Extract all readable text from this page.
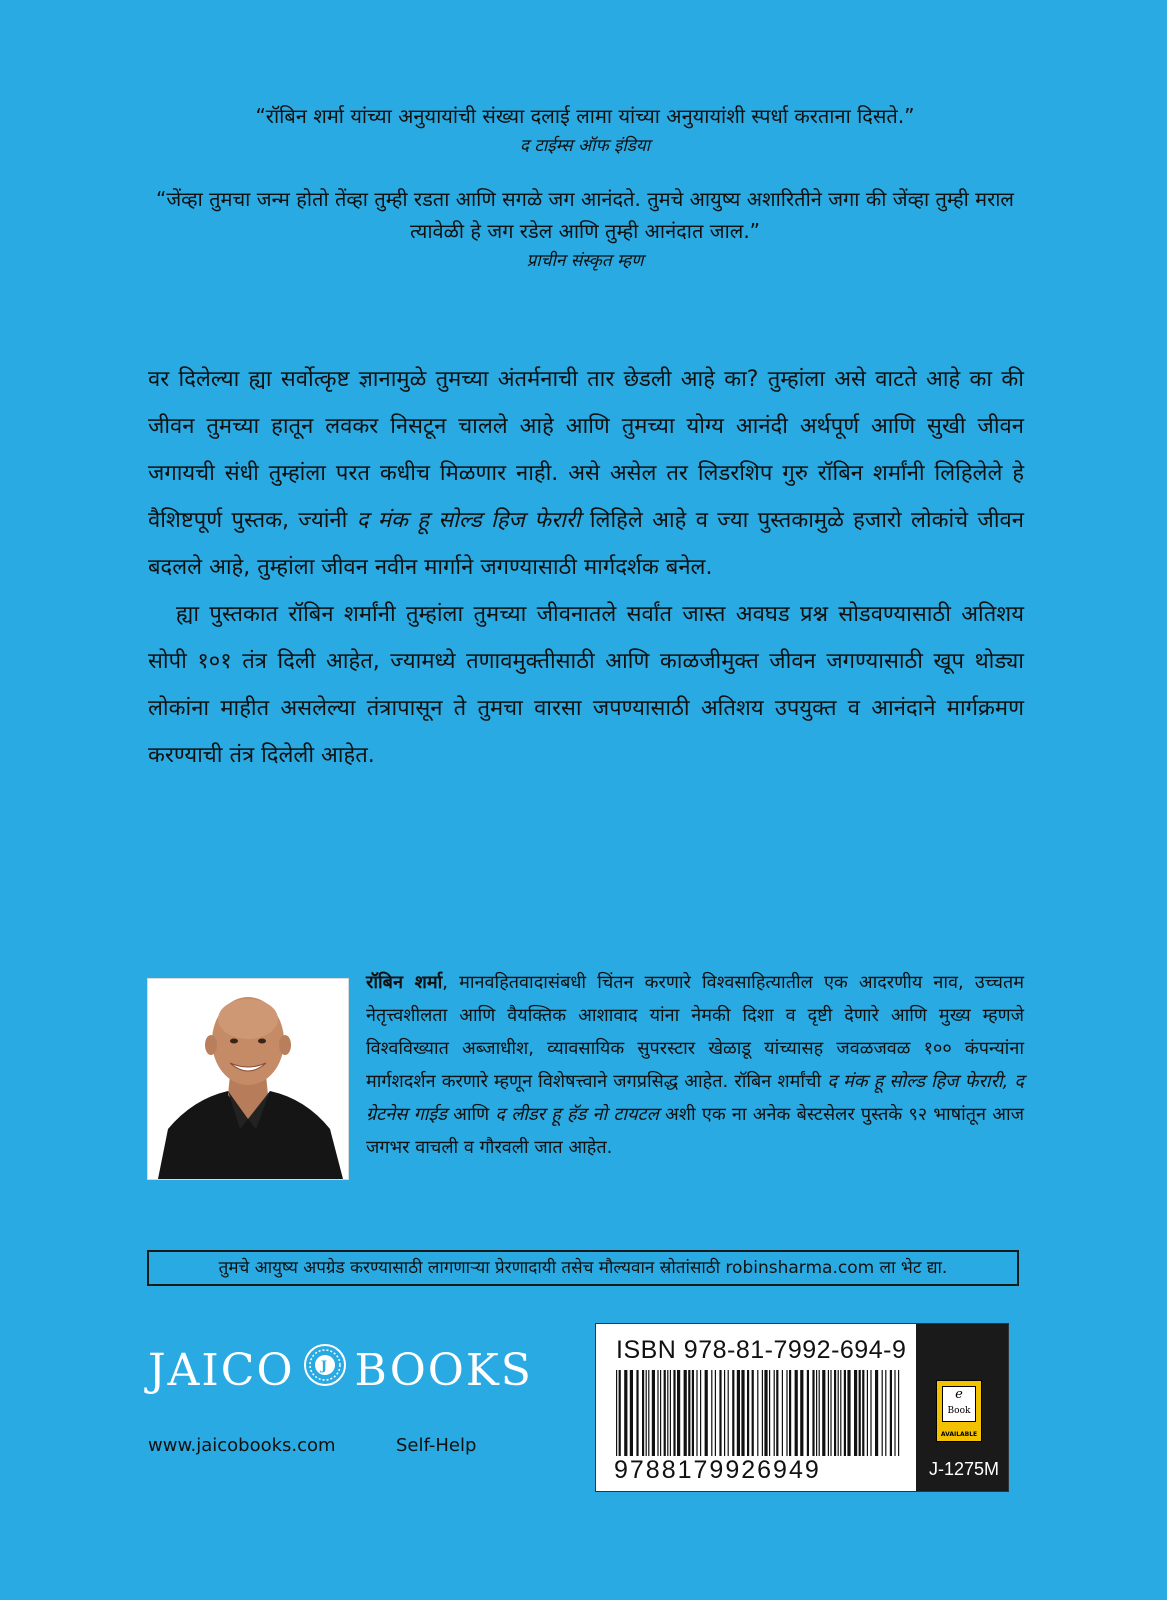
“रॉबिन शर्मा यांच्या अनुयायांची संख्या दलाई लामा यांच्या अनुयायांशी स्पर्धा करताना दिसते.”
द टाईम्स ऑफ इंडिया
“जेंव्हा तुमचा जन्म होतो तेंव्हा तुम्ही रडता आणि सगळे जग आनंदते. तुमचे आयुष्य अशारितीने जगा की जेंव्हा तुम्ही मराल त्यावेळी हे जग रडेल आणि तुम्ही आनंदात जाल.”
प्राचीन संस्कृत म्हण

वर दिलेल्या ह्या सर्वोत्कृष्ट ज्ञानामुळे तुमच्या अंतर्मनाची तार छेडली आहे का? तुम्हांला असे वाटते आहे का की जीवन तुमच्या हातून लवकर निसटून चालले आहे आणि तुमच्या योग्य आनंदी अर्थपूर्ण आणि सुखी जीवन जगायची संधी तुम्हांला परत कधीच मिळणार नाही. असे असेल तर लिडरशिप गुरु रॉबिन शर्मांनी लिहिलेले हे वैशिष्टपूर्ण पुस्तक, ज्यांनी द मंक हू सोल्ड हिज फेरारी लिहिले आहे व ज्या पुस्तकामुळे हजारो लोकांचे जीवन बदलले आहे, तुम्हांला जीवन नवीन मार्गाने जगण्यासाठी मार्गदर्शक बनेल.

ह्या पुस्तकात रॉबिन शर्मांनी तुम्हांला तुमच्या जीवनातले सर्वांत जास्त अवघड प्रश्न सोडवण्यासाठी अतिशय सोपी १०१ तंत्र दिली आहेत, ज्यामध्ये तणावमुक्तीसाठी आणि काळजीमुक्त जीवन जगण्यासाठी खूप थोड्या लोकांना माहीत असलेल्या तंत्रापासून ते तुमचा वारसा जपण्यासाठी अतिशय उपयुक्त व आनंदाने मार्गक्रमण करण्याची तंत्र दिलेली आहेत.

रॉबिन शर्मा, मानवहितवादासंबधी चिंतन करणारे विश्वसाहित्यातील एक आदरणीय नाव, उच्चतम नेतृत्त्वशीलता आणि वैयक्तिक आशावाद यांना नेमकी दिशा व दृष्टी देणारे आणि मुख्य म्हणजे विश्वविख्यात अब्जाधीश, व्यावसायिक सुपरस्टार खेळाडू यांच्यासह जवळजवळ १०० कंपन्यांना मार्गशदर्शन करणारे म्हणून विशेषत्त्वाने जगप्रसिद्ध आहेत. रॉबिन शर्मांची द मंक हू सोल्ड हिज फेरारी, द ग्रेटनेस गाईड आणि द लीडर हू हॅड नो टायटल अशी एक ना अनेक बेस्टसेलर पुस्तके ९२ भाषांतून आज जगभर वाचली व गौरवली जात आहेत.
तुमचे आयुष्य अपग्रेड करण्यासाठी लागणाऱ्या प्रेरणादायी तसेच मौल्यवान स्रोतांसाठी robinsharma.com ला भेट द्या.
JAICO J BOOKS
www.jaicobooks.com	Self-Help
ISBN 978-81-7992-694-9
9788179926949
e
Book
AVAILABLE
J-1275M
